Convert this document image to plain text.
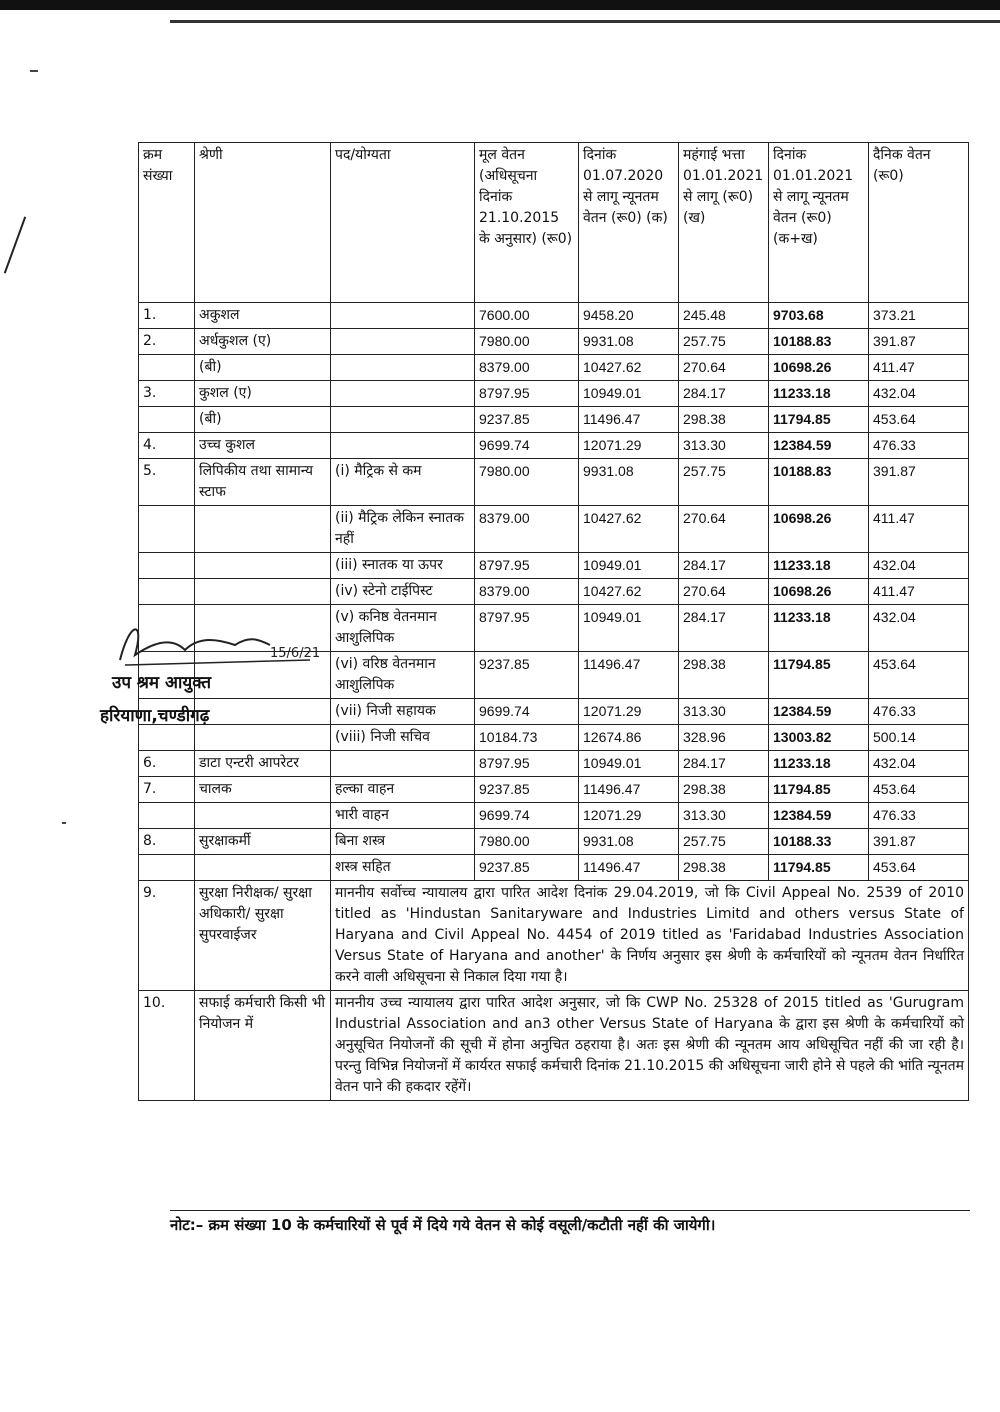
क्रम संख्या	श्रेणी	पद/योग्यता	मूल वेतन (अधिसूचना दिनांक 21.10.2015 के अनुसार) (रू0)	दिनांक 01.07.2020 से लागू न्यूनतम वेतन (रू0) (क)	महंगाई भत्ता 01.01.2021 से लागू (रू0) (ख)	दिनांक 01.01.2021 से लागू न्यूनतम वेतन (रू0) (क+ख)	दैनिक वेतन (रू0)
1.	अकुशल		7600.00	9458.20	245.48	9703.68	373.21
2.	अर्धकुशल (ए)		7980.00	9931.08	257.75	10188.83	391.87
	(बी)		8379.00	10427.62	270.64	10698.26	411.47
3.	कुशल (ए)		8797.95	10949.01	284.17	11233.18	432.04
	(बी)		9237.85	11496.47	298.38	11794.85	453.64
4.	उच्च कुशल		9699.74	12071.29	313.30	12384.59	476.33
5.	लिपिकीय तथा सामान्य स्टाफ	(i) मैट्रिक से कम	7980.00	9931.08	257.75	10188.83	391.87
		(ii) मैट्रिक लेकिन स्नातक नहीं	8379.00	10427.62	270.64	10698.26	411.47
		(iii) स्नातक या ऊपर	8797.95	10949.01	284.17	11233.18	432.04
		(iv) स्टेनो टाईपिस्ट	8379.00	10427.62	270.64	10698.26	411.47
		(v) कनिष्ठ वेतनमान आशुलिपिक	8797.95	10949.01	284.17	11233.18	432.04
		(vi) वरिष्ठ वेतनमान आशुलिपिक	9237.85	11496.47	298.38	11794.85	453.64
		(vii) निजी सहायक	9699.74	12071.29	313.30	12384.59	476.33
		(viii) निजी सचिव	10184.73	12674.86	328.96	13003.82	500.14
6.	डाटा एन्टरी आपरेटर		8797.95	10949.01	284.17	11233.18	432.04
7.	चालक	हल्का वाहन	9237.85	11496.47	298.38	11794.85	453.64
		भारी वाहन	9699.74	12071.29	313.30	12384.59	476.33
8.	सुरक्षाकर्मी	बिना शस्त्र	7980.00	9931.08	257.75	10188.33	391.87
		शस्त्र सहित	9237.85	11496.47	298.38	11794.85	453.64
9.	सुरक्षा निरीक्षक/ सुरक्षा अधिकारी/ सुरक्षा सुपरवाईजर	माननीय सर्वोच्च न्यायालय द्वारा पारित आदेश दिनांक 29.04.2019, जो कि Civil Appeal No. 2539 of 2010 titled as 'Hindustan Sanitaryware and Industries Limitd and others versus State of Haryana and Civil Appeal No. 4454 of 2019 titled as 'Faridabad Industries Association Versus State of Haryana and another' के निर्णय अनुसार इस श्रेणी के कर्मचारियों को न्यूनतम वेतन निर्धारित करने वाली अधिसूचना से निकाल दिया गया है।					
10.	सफाई कर्मचारी किसी भी नियोजन में	माननीय उच्च न्यायालय द्वारा पारित आदेश अनुसार, जो कि CWP No. 25328 of 2015 titled as 'Gurugram Industrial Association and an3 other Versus State of Haryana के द्वारा इस श्रेणी के कर्मचारियों को अनुसूचित नियोजनों की सूची में होना अनुचित ठहराया है। अतः इस श्रेणी की न्यूनतम आय अधिसूचित नहीं की जा रही है। परन्तु विभिन्न नियोजनों में कार्यरत सफाई कर्मचारी दिनांक 21.10.2015 की अधिसूचना जारी होने से पहले की भांति न्यूनतम वेतन पाने की हकदार रहेंगें।					
नोट:– क्रम संख्या 10 के कर्मचारियों से पूर्व में दिये गये वेतन से कोई वसूली/कटौती नहीं की जायेगी।
15/6/21
उप श्रम आयुक्त
हरियाणा,चण्डीगढ़
